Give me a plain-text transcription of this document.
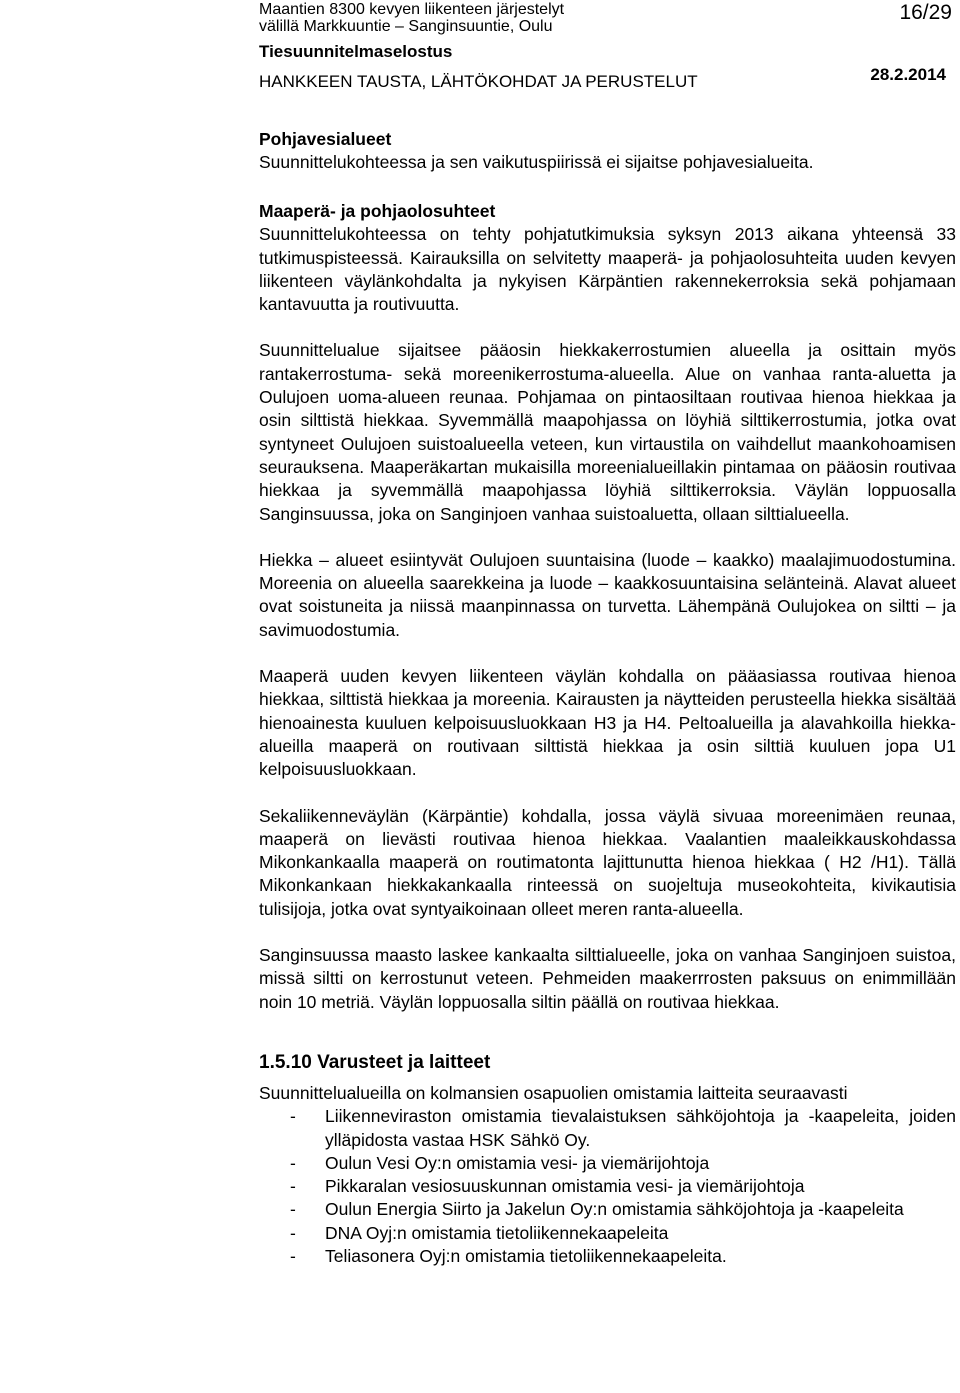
Maantien 8300 kevyen liikenteen järjestelyt
välillä Markkuuntie – Sanginsuuntie, Oulu
Tiesuunnitelmaselostus
HANKKEEN TAUSTA, LÄHTÖKOHDAT JA PERUSTELUT
16/29
28.2.2014

Pohjavesialueet

Suunnittelukohteessa ja sen vaikutuspiirissä ei sijaitse pohjavesialueita.

Maaperä- ja pohjaolosuhteet

Suunnittelukohteessa on tehty pohjatutkimuksia syksyn 2013 aikana yhteensä 33 tutkimuspisteessä. Kairauksilla on selvitetty maaperä- ja pohjaolosuhteita uuden kevyen liikenteen väylänkohdalta ja nykyisen Kärpäntien rakennekerroksia sekä pohjamaan kantavuutta ja routivuutta.

Suunnittelualue sijaitsee pääosin hiekkakerrostumien alueella ja osittain myös rantakerrostuma- sekä moreenikerrostuma-alueella. Alue on vanhaa ranta-aluetta ja Oulujoen uoma-alueen reunaa. Pohjamaa on pintaosiltaan routivaa hienoa hiekkaa ja osin silttistä hiekkaa. Syvemmällä maapohjassa on löyhiä silttikerrostumia, jotka ovat syntyneet Oulujoen suistoalueella veteen, kun virtaustila on vaihdellut maankohoamisen seurauksena. Maaperäkartan mukaisilla moreenialueillakin pintamaa on pääosin routivaa hiekkaa ja syvemmällä maapohjassa löyhiä silttikerroksia. Väylän loppuosalla Sanginsuussa, joka on Sanginjoen vanhaa suistoaluetta, ollaan silttialueella.

Hiekka – alueet esiintyvät Oulujoen suuntaisina (luode – kaakko) maalajimuodostumina. Moreenia on alueella saarekkeina ja luode – kaakkosuuntaisina selänteinä. Alavat alueet ovat soistuneita ja niissä maanpinnassa on turvetta. Lähempänä Oulujokea on siltti – ja savimuodostumia.

Maaperä uuden kevyen liikenteen väylän kohdalla on pääasiassa routivaa hienoa hiekkaa, silttistä hiekkaa ja moreenia. Kairausten ja näytteiden perusteella hiekka sisältää hienoainesta kuuluen kelpoisuusluokkaan H3 ja H4. Peltoalueilla ja alavahkoilla hiekka-alueilla maaperä on routivaan silttistä hiekkaa ja osin silttiä kuuluen jopa U1 kelpoisuusluokkaan.

Sekaliikenneväylän (Kärpäntie) kohdalla, jossa väylä sivuaa moreenimäen reunaa, maaperä on lievästi routivaa hienoa hiekkaa. Vaalantien maaleikkauskohdassa Mikonkankaalla maaperä on routimatonta lajittunutta hienoa hiekkaa ( H2 /H1). Tällä Mikonkankaan hiekkakankaalla rinteessä on suojeltuja museokohteita, kivikautisia tulisijoja, jotka ovat syntyaikoinaan olleet meren ranta-alueella.

Sanginsuussa maasto laskee kankaalta silttialueelle, joka on vanhaa Sanginjoen suistoa, missä siltti on kerrostunut veteen. Pehmeiden maakerrrosten paksuus on enimmillään noin 10 metriä. Väylän loppuosalla siltin päällä on routivaa hiekkaa.

1.5.10 Varusteet ja laitteet

Suunnittelualueilla on kolmansien osapuolien omistamia laitteita seuraavasti

- Liikenneviraston omistamia tievalaistuksen sähköjohtoja ja -kaapeleita, joiden ylläpidosta vastaa HSK Sähkö Oy.
- Oulun Vesi Oy:n omistamia vesi- ja viemärijohtoja
- Pikkaralan vesiosuuskunnan omistamia vesi- ja viemärijohtoja
- Oulun Energia Siirto ja Jakelun Oy:n omistamia sähköjohtoja ja -kaapeleita
- DNA Oyj:n omistamia tietoliikennekaapeleita
- Teliasonera Oyj:n omistamia tietoliikennekaapeleita.
